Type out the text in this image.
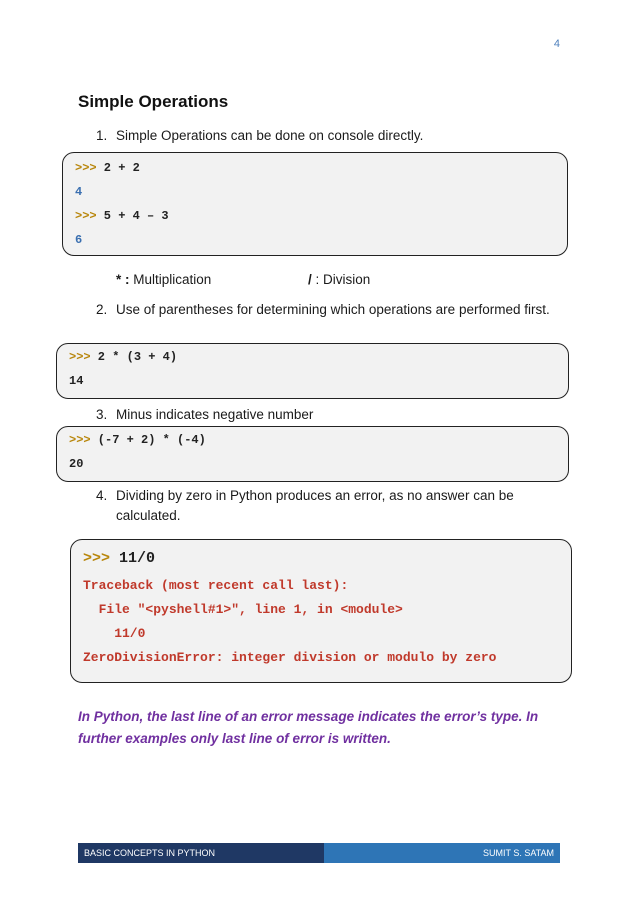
4
Simple Operations
1. Simple Operations can be done on console directly.
>>> 2 + 2
4
>>> 5 + 4 – 3
6
* : Multiplication	/ : Division
2. Use of parentheses for determining which operations are performed first.
>>> 2 * (3 + 4)
14
3. Minus indicates negative number
>>> (-7 + 2) * (-4)
20
4. Dividing by zero in Python produces an error, as no answer can be calculated.
>>> 11/0
Traceback (most recent call last):
File "<pyshell#1>", line 1, in <module>
11/0
ZeroDivisionError: integer division or modulo by zero
In Python, the last line of an error message indicates the error’s type. In further examples only last line of error is written.
BASIC CONCEPTS IN PYTHON	SUMIT S. SATAM
